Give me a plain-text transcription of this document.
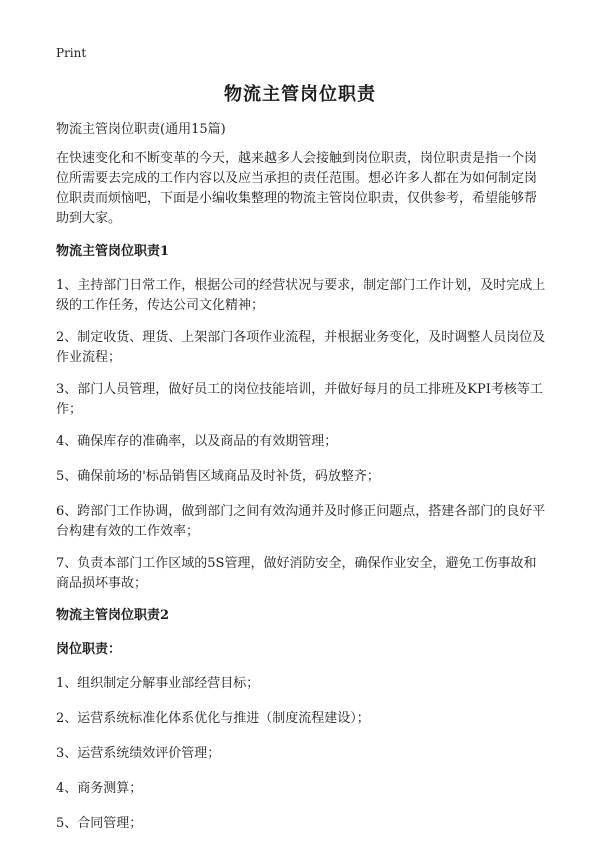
Print
物流主管岗位职责

物流主管岗位职责(通用15篇)

在快速变化和不断变革的今天，越来越多人会接触到岗位职责，岗位职责是指一个岗位所需要去完成的工作内容以及应当承担的责任范围。想必许多人都在为如何制定岗位职责而烦恼吧，下面是小编收集整理的物流主管岗位职责，仅供参考，希望能够帮助到大家。

物流主管岗位职责1

1、主持部门日常工作，根据公司的经营状况与要求，制定部门工作计划，及时完成上级的工作任务，传达公司文化精神；

2、制定收货、理货、上架部门各项作业流程，并根据业务变化，及时调整人员岗位及作业流程；

3、部门人员管理，做好员工的岗位技能培训，并做好每月的员工排班及KPI考核等工作；

4、确保库存的准确率，以及商品的有效期管理；

5、确保前场的'标品销售区域商品及时补货，码放整齐；

6、跨部门工作协调，做到部门之间有效沟通并及时修正问题点，搭建各部门的良好平台构建有效的工作效率；

7、负责本部门工作区域的5S管理，做好消防安全，确保作业安全，避免工伤事故和商品损坏事故；

物流主管岗位职责2

岗位职责：

1、组织制定分解事业部经营目标；

2、运营系统标准化体系优化与推进（制度流程建设）；

3、运营系统绩效评价管理；

4、商务测算；

5、合同管理；
